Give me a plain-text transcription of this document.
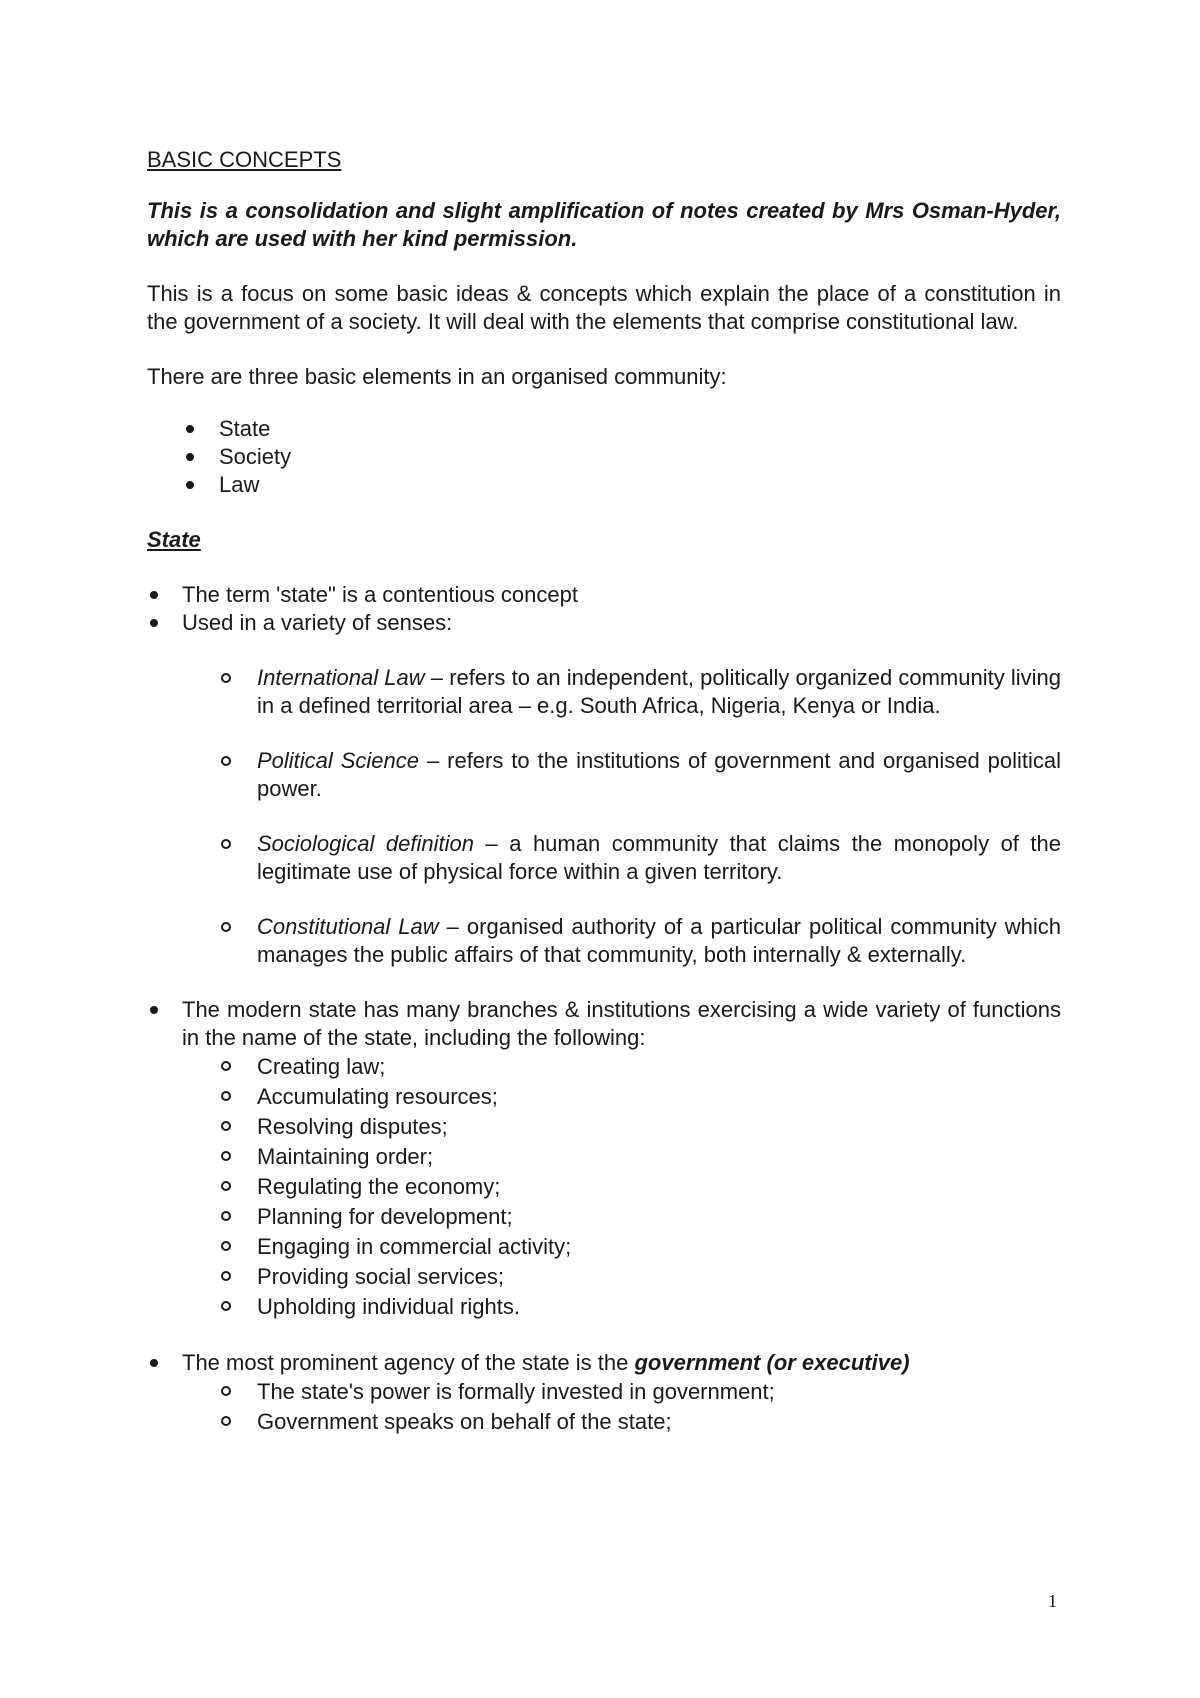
BASIC CONCEPTS

This is a consolidation and slight amplification of notes created by Mrs Osman-Hyder, which are used with her kind permission.

This is a focus on some basic ideas & concepts which explain the place of a constitution in the government of a society. It will deal with the elements that comprise constitutional law.

There are three basic elements in an organised community:

State
Society
Law
State
The term 'state" is a contentious concept
Used in a variety of senses:
International Law – refers to an independent, politically organized community living in a defined territorial area – e.g. South Africa, Nigeria, Kenya or India.
Political Science – refers to the institutions of government and organised political power.
Sociological definition – a human community that claims the monopoly of the legitimate use of physical force within a given territory.
Constitutional Law – organised authority of a particular political community which manages the public affairs of that community, both internally & externally.
The modern state has many branches & institutions exercising a wide variety of functions in the name of the state, including the following:
Creating law;
Accumulating resources;
Resolving disputes;
Maintaining order;
Regulating the economy;
Planning for development;
Engaging in commercial activity;
Providing social services;
Upholding individual rights.
The most prominent agency of the state is the government (or executive)
The state's power is formally invested in government;
Government speaks on behalf of the state;
1
